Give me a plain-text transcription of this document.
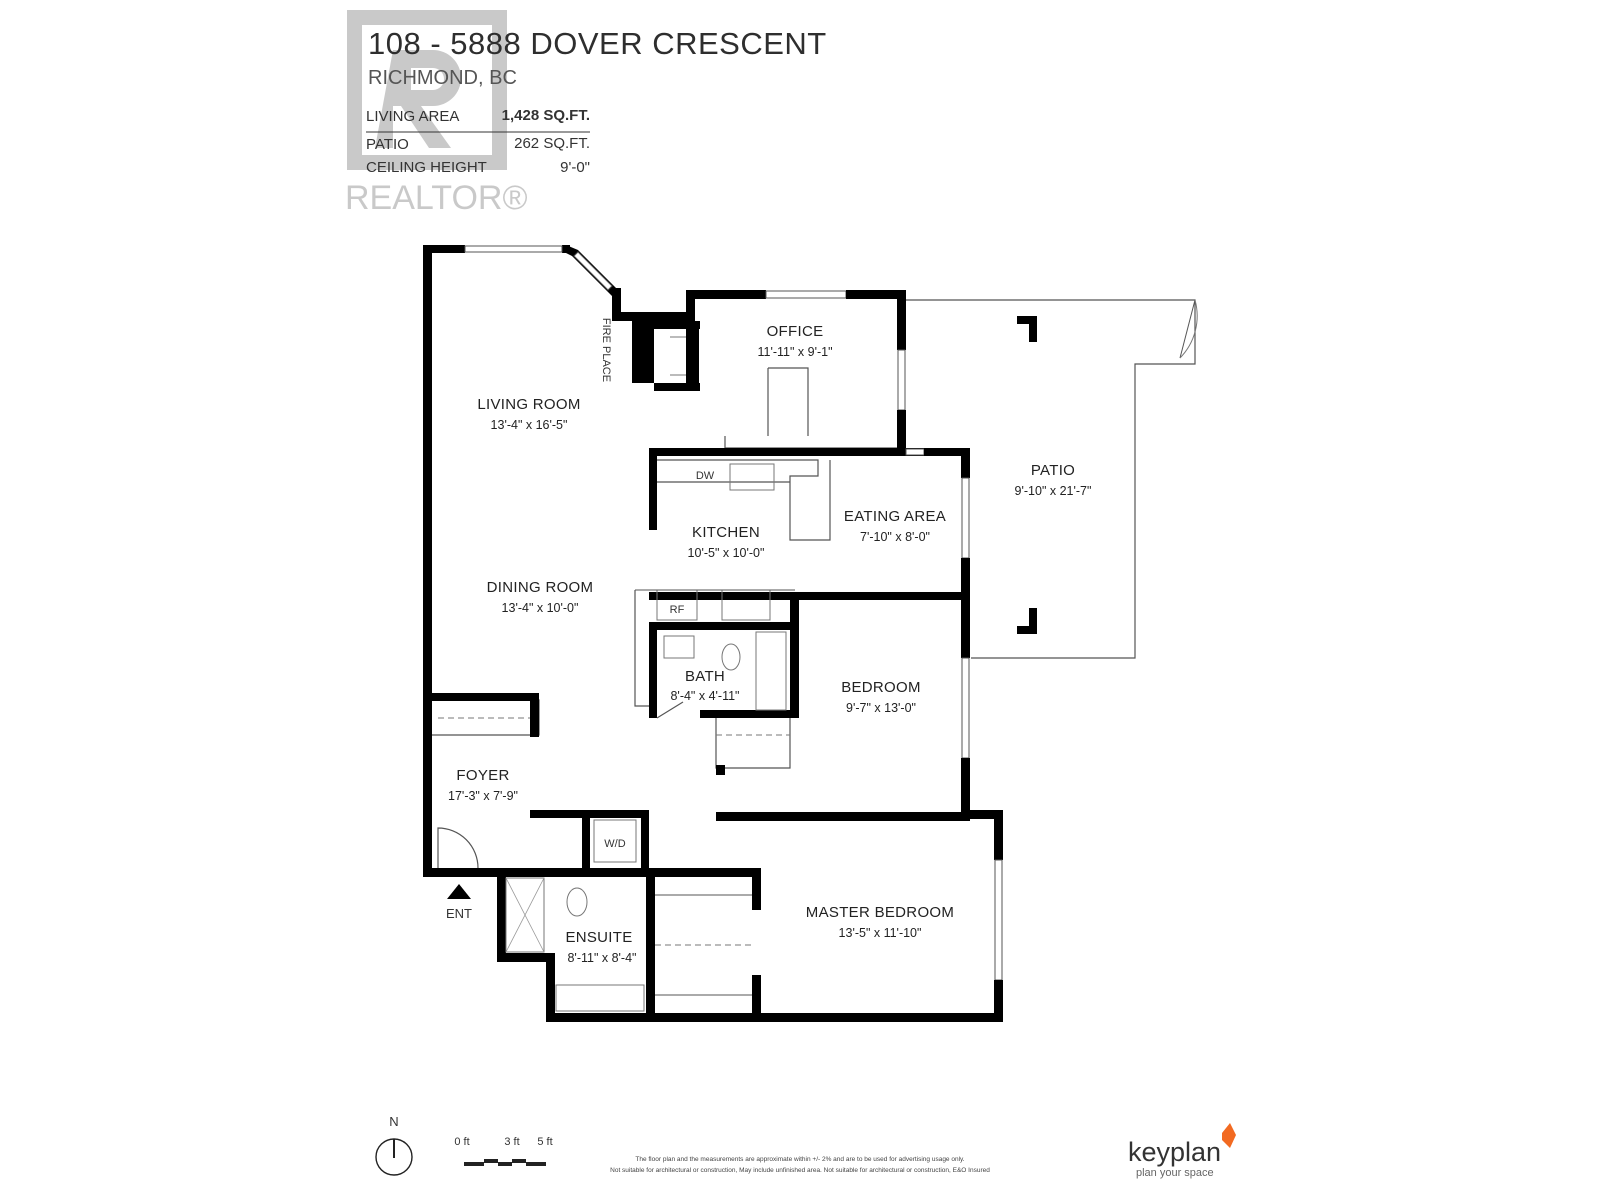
REALTOR®
108 - 5888 DOVER CRESCENT
RICHMOND, BC
LIVING AREA	1,428 SQ.FT.
PATIO	262 SQ.FT.
CEILING HEIGHT	9'-0"
OFFICE
11'-11" x 9'-1"
LIVING ROOM
13'-4" x 16'-5"
FIRE PLACE
PATIO
9'-10" x 21'-7"
DW
EATING AREA
7'-10" x 8'-0"
KITCHEN
10'-5" x 10'-0"
DINING ROOM
13'-4" x 10'-0"	RF
BATH
8'-4" x 4'-11"	BEDROOM
9'-7" x 13'-0"
FOYER
17'-3" x 7'-9"
W/D
MASTER BEDROOM
13'-5" x 11'-10"
ENSUITE
8'-11" x 8'-4"
ENT
N
0 ft	3 ft 5 ft
The floor plan and the measurements are approximate within +/- 2% and are to be used for advertising usage only.
Not suitable for architectural or construction, May include unfinished area. Not suitable for architectural or construction, E&O Insured
keyplan
plan your space
